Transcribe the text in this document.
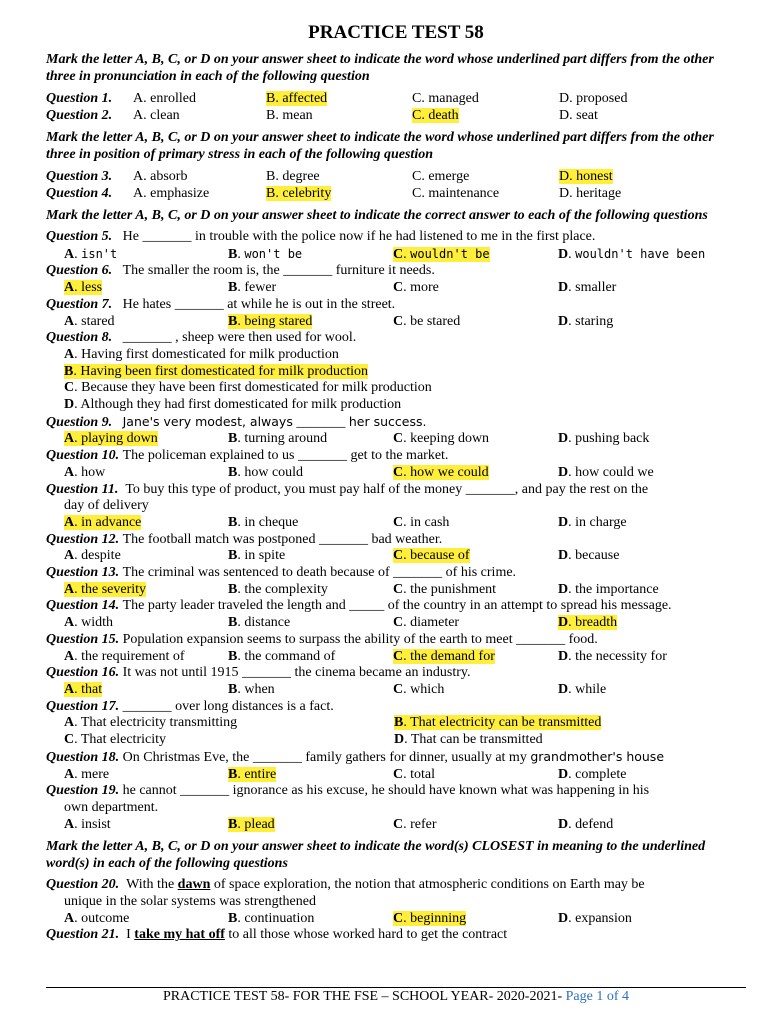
PRACTICE TEST 58
Mark the letter A, B, C, or D on your answer sheet to indicate the word whose underlined part differs from the other three in pronunciation in each of the following question
Question 1.	A. enrolled	B. affected	C. managed	D. proposed
Question 2.	A. clean	B. mean	C. death	D. seat
Mark the letter A, B, C, or D on your answer sheet to indicate the word whose underlined part differs from the other three in position of primary stress in each of the following question
Question 3.	A. absorb	B. degree	C. emerge	D. honest
Question 4.	A. emphasize	B. celebrity	C. maintenance	D. heritage
Mark the letter A, B, C, or D on your answer sheet to indicate the correct answer to each of the following questions
Question 5. He _______ in trouble with the police now if he had listened to me in the first place.
A. isn't	B. won't be	C. wouldn't be	D. wouldn't have been
Question 6. The smaller the room is, the _______ furniture it needs.
A. less	B. fewer	C. more	D. smaller
Question 7. He hates _______ at while he is out in the street.
A. stared	B. being stared	C. be stared	D. staring
Question 8. _______ , sheep were then used for wool.
A. Having first domesticated for milk production
B. Having been first domesticated for milk production
C. Because they have been first domesticated for milk production
D. Although they had first domesticated for milk production
Question 9. Jane's very modest, always _______ her success.
A. playing down	B. turning around	C. keeping down	D. pushing back
Question 10. The policeman explained to us _______ get to the market.
A. how	B. how could	C. how we could	D. how could we
Question 11. To buy this type of product, you must pay half of the money _______, and pay the rest on the
day of delivery
A. in advance	B. in cheque	C. in cash	D. in charge
Question 12. The football match was postponed _______ bad weather.
A. despite	B. in spite	C. because of	D. because
Question 13. The criminal was sentenced to death because of _______ of his crime.
A. the severity	B. the complexity	C. the punishment	D. the importance
Question 14. The party leader traveled the length and _____ of the country in an attempt to spread his message.
A. width	B. distance	C. diameter	D. breadth
Question 15. Population expansion seems to surpass the ability of the earth to meet _______ food.
A. the requirement of	B. the command of	C. the demand for	D. the necessity for
Question 16. It was not until 1915 _______ the cinema became an industry.
A. that	B. when	C. which	D. while
Question 17. _______ over long distances is a fact.
A. That electricity transmitting	B. That electricity can be transmitted
C. That electricity	D. That can be transmitted
Question 18. On Christmas Eve, the _______ family gathers for dinner, usually at my grandmother's house
A. mere	B. entire	C. total	D. complete
Question 19. he cannot _______ ignorance as his excuse, he should have known what was happening in his
own department.
A. insist	B. plead	C. refer	D. defend
Mark the letter A, B, C, or D on your answer sheet to indicate the word(s) CLOSEST in meaning to the underlined word(s) in each of the following questions
Question 20. With the dawn of space exploration, the notion that atmospheric conditions on Earth may be
unique in the solar systems was strengthened
A. outcome	B. continuation	C. beginning	D. expansion
Question 21. I take my hat off to all those whose worked hard to get the contract
PRACTICE TEST 58- FOR THE FSE – SCHOOL YEAR- 2020-2021- Page 1 of 4
